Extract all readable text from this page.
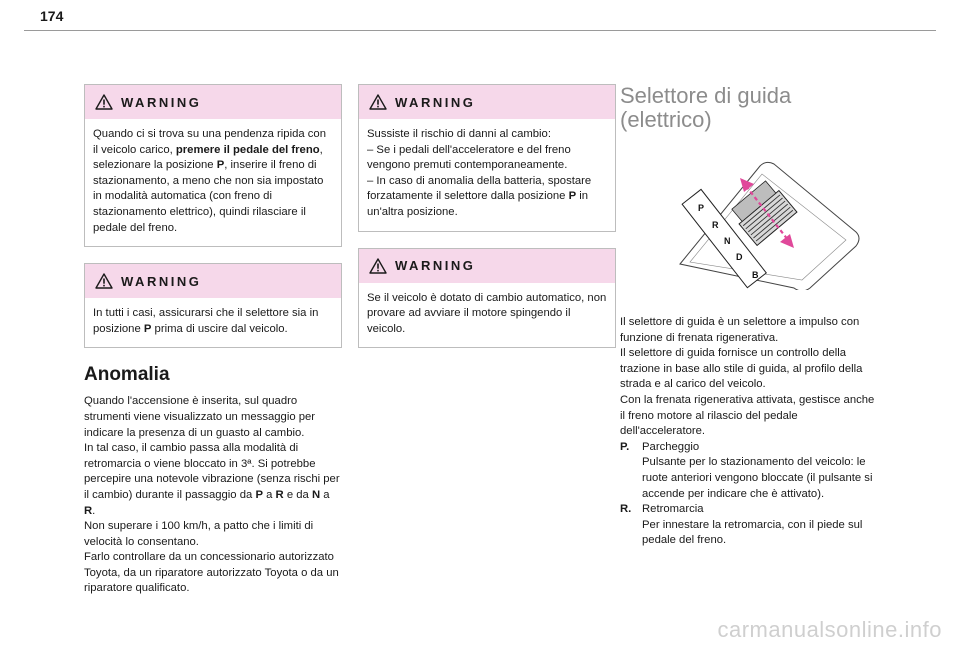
174
WARNING

Quando ci si trova su una pendenza ripida con il veicolo carico, premere il pedale del freno, selezionare la posizione P, inserire il freno di stazionamento, a meno che non sia impostato in modalità automatica (con freno di stazionamento elettrico), quindi rilasciare il pedale del freno.

WARNING

In tutti i casi, assicurarsi che il selettore sia in posizione P prima di uscire dal veicolo.

Anomalia

Quando l'accensione è inserita, sul quadro strumenti viene visualizzato un messaggio per indicare la presenza di un guasto al cambio.

In tal caso, il cambio passa alla modalità di retromarcia o viene bloccato in 3ª. Si potrebbe percepire una notevole vibrazione (senza rischi per il cambio) durante il passaggio da P a R e da N a R.

Non superare i 100 km/h, a patto che i limiti di velocità lo consentano.

Farlo controllare da un concessionario autorizzato Toyota, da un riparatore autorizzato Toyota o da un riparatore qualificato.

WARNING

Sussiste il rischio di danni al cambio:

– Se i pedali dell'acceleratore e del freno vengono premuti contemporaneamente.

– In caso di anomalia della batteria, spostare forzatamente il selettore dalla posizione P in un'altra posizione.

WARNING

Se il veicolo è dotato di cambio automatico, non provare ad avviare il motore spingendo il veicolo.

Selettore di guida
(elettrico)
P
R
N
D
B

Il selettore di guida è un selettore a impulso con funzione di frenata rigenerativa.

Il selettore di guida fornisce un controllo della trazione in base allo stile di guida, al profilo della strada e al carico del veicolo.

Con la frenata rigenerativa attivata, gestisce anche il freno motore al rilascio del pedale dell'acceleratore.

P.	Parcheggio
Pulsante per lo stazionamento del veicolo: le ruote anteriori vengono bloccate (il pulsante si accende per indicare che è attivato).
R. Retromarcia
Per innestare la retromarcia, con il piede sul pedale del freno.
carmanualsonline.info
